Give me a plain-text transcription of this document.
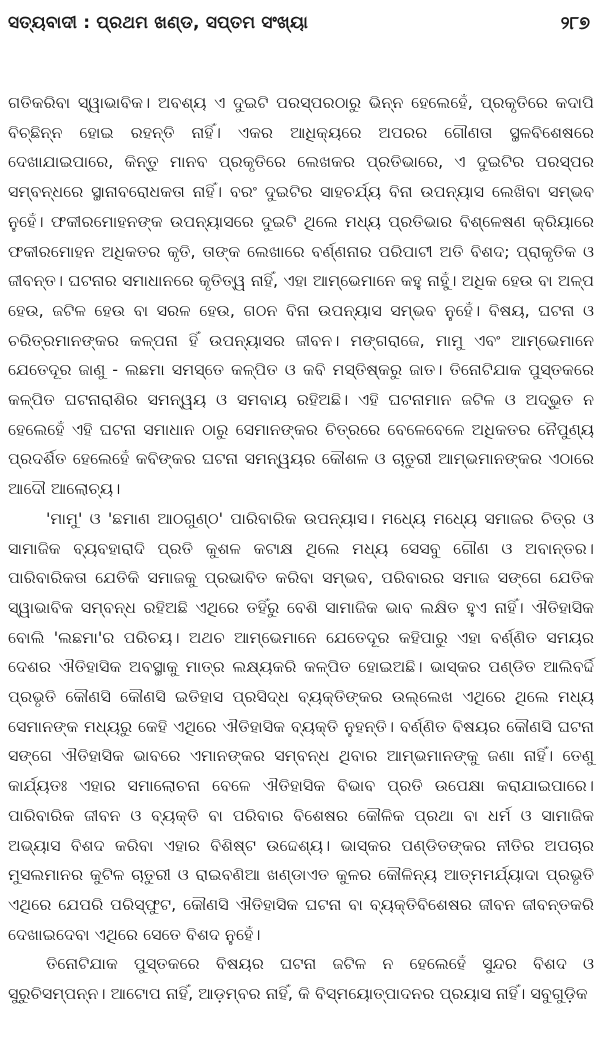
ସତ୍ୟବାଦୀ : ପ୍ରଥମ ଖଣ୍ଡ, ସପ୍ତମ ସଂଖ୍ୟା	୨୮୭

ଗତିକରିବା ସ୍ୱାଭାବିକ। ଅବଶ୍ୟ ଏ ଦୁଇଟି ପରସ୍ପରଠାରୁ ଭିନ୍ନ ହେଲେହେଁ, ପ୍ରକୃତିରେ କଦାପି ବିଚ୍ଛିନ୍ନ ହୋଇ ରହନ୍ତି ନାହିଁ। ଏକର ଆଧିକ୍ୟରେ ଅପରର ଗୌଣତା ସ୍ଥଳବିଶେଷରେ ଦେଖାଯାଇପାରେ, କିନ୍ତୁ ମାନବ ପ୍ରକୃତିରେ ଲେଖକର ପ୍ରତିଭାରେ, ଏ ଦୁଇଟିର ପରସ୍ପର ସମ୍ବନ୍ଧରେ ସ୍ଥାନାବରୋଧକତା ନାହିଁ। ବରଂ ଦୁଇଟିର ସାହଚର୍ଯ୍ୟ ବିନା ଉପନ୍ୟାସ ଲେଖିବା ସମ୍ଭବ ନୁହେଁ। ଫକୀରମୋହନଙ୍କ ଉପନ୍ୟାସରେ ଦୁଇଟି ଥିଲେ ମଧ୍ୟ ପ୍ରତିଭାର ବିଶ୍ଳେଷଣ କ୍ରିୟାରେ ଫକୀରମୋହନ ଅଧିକତର କୃତି, ତାଙ୍କ ଲେଖାରେ ବର୍ଣ୍ଣନାର ପରିପାଟୀ ଅତି ବିଶଦ; ପ୍ରାକୃତିକ ଓ ଜୀବନ୍ତ। ଘଟନାର ସମାଧାନରେ କୃତିତ୍ୱ ନାହିଁ, ଏହା ଆମ୍ଭେମାନେ କହୁ ନାହୁଁ। ଅଧିକ ହେଉ ବା ଅଳ୍ପ ହେଉ, ଜଟିଳ ହେଉ ବା ସରଳ ହେଉ, ଗଠନ ବିନା ଉପନ୍ୟାସ ସମ୍ଭବ ନୁହେଁ। ବିଷୟ, ଘଟନା ଓ ଚରିତ୍ରମାନଙ୍କର କଳ୍ପନା ହିଁ ଉପନ୍ୟାସର ଜୀବନ। ମଙ୍ଗରାଜେ, ମାମୁ ଏବଂ ଆମ୍ଭେମାନେ ଯେତେଦୂର ଜାଣୁ - ଲଛମା ସମସ୍ତେ କଳ୍ପିତ ଓ କବି ମସ୍ତିଷ୍କରୁ ଜାତ। ତିନୋଟିଯାକ ପୁସ୍ତକରେ କଳ୍ପିତ ଘଟନାରାଶିର ସମନ୍ୱୟ ଓ ସମବାୟ ରହିଅଛି। ଏହି ଘଟନାମାନ ଜଟିଳ ଓ ଅଦ୍ଭୁତ ନ ହେଲେହେଁ ଏହି ଘଟନା ସମାଧାନ ଠାରୁ ସେମାନଙ୍କର ଚିତ୍ରରେ ବେଳେବେଳେ ଅଧିକତର ନୈପୁଣ୍ୟ ପ୍ରଦର୍ଶିତ ହେଲେହେଁ କବିଙ୍କର ଘଟନା ସମନ୍ୱୟର କୌଶଳ ଓ ଚାତୁରୀ ଆମ୍ଭମାନଙ୍କର ଏଠାରେ ଆଦୌ ଆଲୋଚ୍ୟ।

'ମାମୁ' ଓ 'ଛମାଣ ଆଠଗୁଣ୍ଠ' ପାରିବାରିକ ଉପନ୍ୟାସ। ମଧ୍ୟେ ମଧ୍ୟେ ସମାଜର ଚିତ୍ର ଓ ସାମାଜିକ ବ୍ୟବହାରାଦି ପ୍ରତି କୁଶଳ କଟାକ୍ଷ ଥିଲେ ମଧ୍ୟ ସେସବୁ ଗୌଣ ଓ ଅବାନ୍ତର। ପାରିବାରିକତା ଯେତିକି ସମାଜକୁ ପ୍ରଭାବିତ କରିବା ସମ୍ଭବ, ପରିବାରର ସମାଜ ସଙ୍ଗେ ଯେତିକ ସ୍ୱାଭାବିକ ସମ୍ବନ୍ଧ ରହିଅଛି ଏଥିରେ ତହିଁରୁ ବେଶି ସାମାଜିକ ଭାବ ଲକ୍ଷିତ ହୁଏ ନାହିଁ। ଐତିହାସିକ ବୋଲି 'ଲଛମା'ର ପରିଚୟ। ଅଥଚ ଆମ୍ଭେମାନେ ଯେତେଦୂର କହିପାରୁ ଏହା ବର୍ଣ୍ଣିତ ସମୟର ଦେଶର ଐତିହାସିକ ଅବସ୍ଥାକୁ ମାତ୍ର ଲକ୍ଷ୍ୟକରି କଳ୍ପିତ ହୋଇଅଛି। ଭାସ୍କର ପଣ୍ଡିତ ଆଲିବର୍ଦ୍ଦି ପ୍ରଭୃତି କୌଣସି କୌଣସି ଇତିହାସ ପ୍ରସିଦ୍ଧ ବ୍ୟକ୍ତିଙ୍କର ଉଲ୍ଲେଖ ଏଥିରେ ଥିଲେ ମଧ୍ୟ ସେମାନଙ୍କ ମଧ୍ୟରୁ କେହି ଏଥିରେ ଐତିହାସିକ ବ୍ୟକ୍ତି ନୁହନ୍ତି। ବର୍ଣ୍ଣିତ ବିଷୟର କୌଣସି ଘଟନା ସଙ୍ଗେ ଐତିହାସିକ ଭାବରେ ଏମାନଙ୍କର ସମ୍ବନ୍ଧ ଥିବାର ଆମ୍ଭମାନଙ୍କୁ ଜଣା ନାହିଁ। ତେଣୁ କାର୍ଯ୍ୟତଃ ଏହାର ସମାଲୋଚନା ବେଳେ ଐତିହାସିକ ବିଭାବ ପ୍ରତି ଉପେକ୍ଷା କରାଯାଇପାରେ। ପାରିବାରିକ ଜୀବନ ଓ ବ୍ୟକ୍ତି ବା ପରିବାର ବିଶେଷର କୌଳିକ ପ୍ରଥା ବା ଧର୍ମ ଓ ସାମାଜିକ ଅଭ୍ୟାସ ବିଶଦ କରିବା ଏହାର ବିଶିଷ୍ଟ ଉଦ୍ଦେଶ୍ୟ। ଭାସ୍କର ପଣ୍ଡିତଙ୍କର ନୀତିର ଅପଚାର ମୁସଲମାନର କୁଟିଳ ଚାତୁରୀ ଓ ରାଇବଣିଆ ଖଣ୍ଡାଏତ କୁଳର କୌଳିନ୍ୟ ଆତ୍ମମର୍ଯ୍ୟାଦା ପ୍ରଭୃତି ଏଥିରେ ଯେପରି ପରିସ୍ଫୁଟ, କୌଣସି ଐତିହାସିକ ଘଟନା ବା ବ୍ୟକ୍ତିବିଶେଷର ଜୀବନ ଜୀବନ୍ତକରି ଦେଖାଇଦେବା ଏଥିରେ ସେତେ ବିଶଦ ନୁହେଁ।

ତିନୋଟିଯାକ ପୁସ୍ତକରେ ବିଷୟର ଘଟନା ଜଟିଳ ନ ହେଲେହେଁ ସୁନ୍ଦର ବିଶଦ ଓ ସୁରୁଚିସମ୍ପନ୍ନ। ଆଟୋପ ନାହିଁ, ଆଡ଼ମ୍ବର ନାହିଁ, କି ବିସ୍ମୟୋତ୍ପାଦନର ପ୍ରୟାସ ନାହିଁ। ସବୁଗୁଡ଼ିକ
